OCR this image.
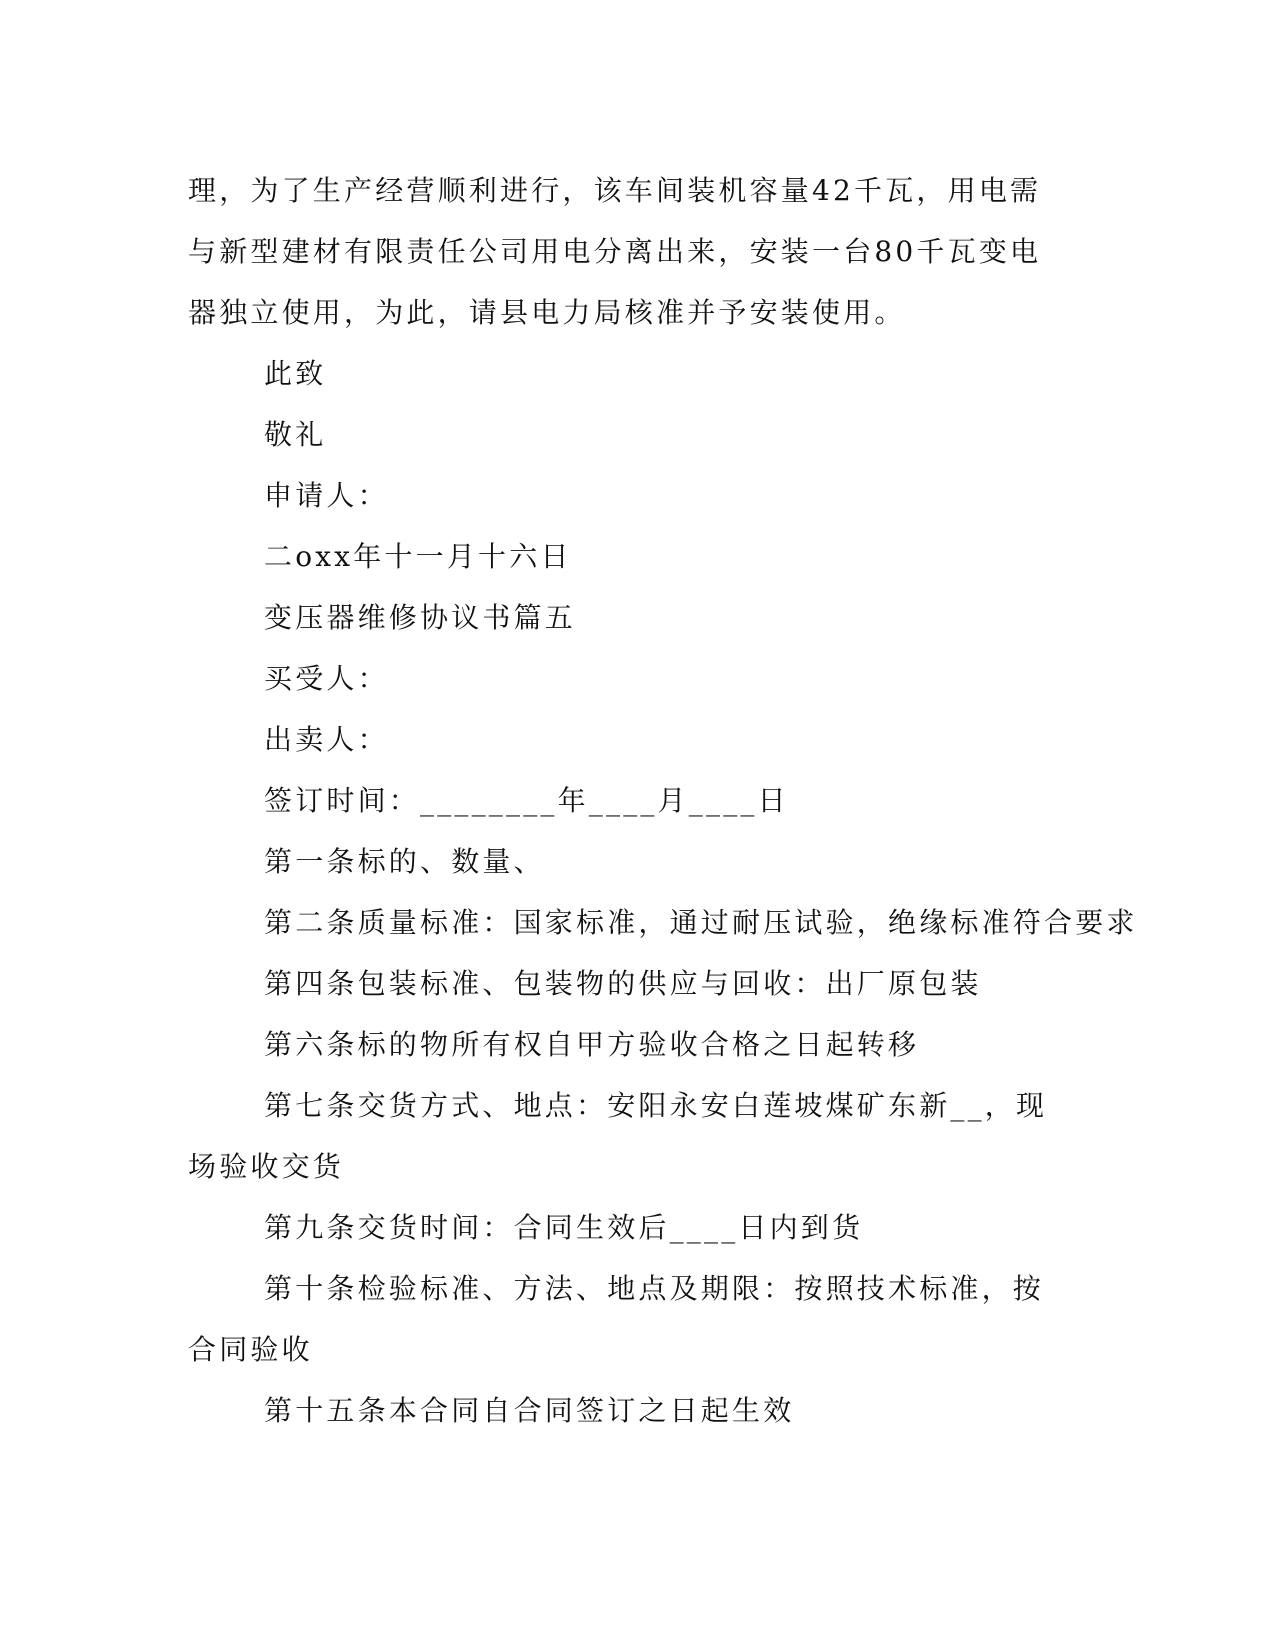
理，为了生产经营顺利进行，该车间装机容量42千瓦，用电需与新型建材有限责任公司用电分离出来，安装一台80千瓦变电器独立使用，为此，请县电力局核准并予安装使用。

此致

敬礼

申请人：

二oxx年十一月十六日

变压器维修协议书篇五

买受人：

出卖人：

签订时间：________年____月____日

第一条标的、数量、

第二条质量标准：国家标准，通过耐压试验，绝缘标准符合要求

第四条包装标准、包装物的供应与回收：出厂原包装

第六条标的物所有权自甲方验收合格之日起转移

第七条交货方式、地点：安阳永安白莲坡煤矿东新__，现场验收交货

第九条交货时间：合同生效后____日内到货

第十条检验标准、方法、地点及期限：按照技术标准，按合同验收

第十五条本合同自合同签订之日起生效
